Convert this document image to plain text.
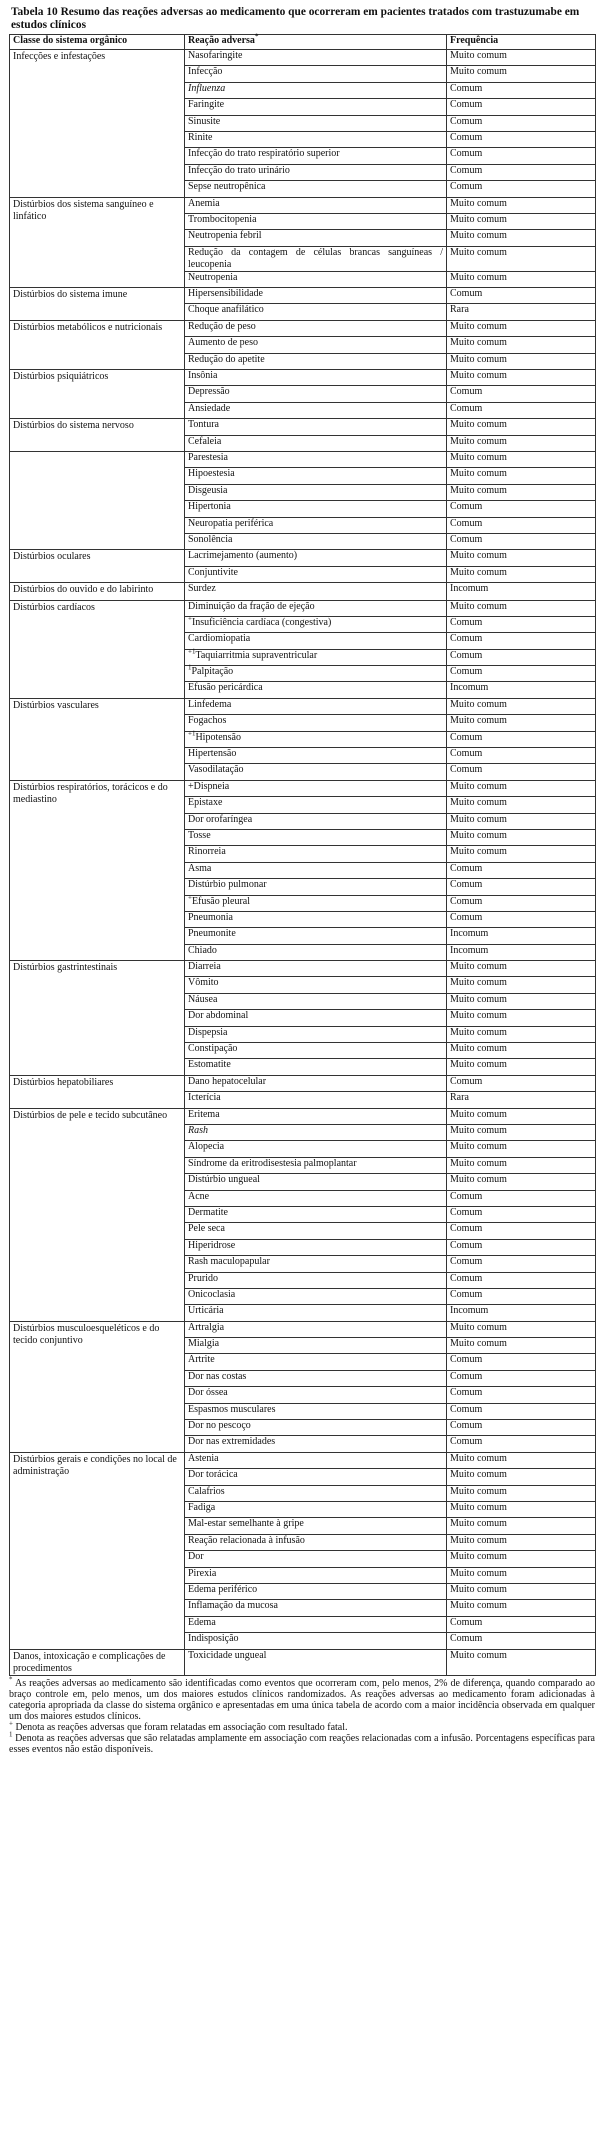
Tabela 10 Resumo das reações adversas ao medicamento que ocorreram em pacientes tratados com trastuzumabe em estudos clínicos
Classe do sistema orgânico	Reação adversa*	Frequência
Infecções e infestações	Nasofaringite	Muito comum
	Infecção	Muito comum
	Influenza	Comum
	Faringite	Comum
	Sinusite	Comum
	Rinite	Comum
	Infecção do trato respiratório superior	Comum
	Infecção do trato urinário	Comum
	Sepse neutropênica	Comum
Distúrbios dos sistema sanguíneo e linfático	Anemia	Muito comum
	Trombocitopenia	Muito comum
	Neutropenia febril	Muito comum
	Redução da contagem de células brancas sanguíneas / leucopenia	Muito comum
	Neutropenia	Muito comum
Distúrbios do sistema imune	Hipersensibilidade	Comum
	Choque anafilático	Rara
Distúrbios metabólicos e nutricionais	Redução de peso	Muito comum
	Aumento de peso	Muito comum
	Redução do apetite	Muito comum
Distúrbios psiquiátricos	Insônia	Muito comum
	Depressão	Comum
	Ansiedade	Comum
Distúrbios do sistema nervoso	Tontura	Muito comum
	Cefaleia	Muito comum
	Parestesia	Muito comum
	Hipoestesia	Muito comum
	Disgeusia	Muito comum
	Hipertonia	Comum
	Neuropatia periférica	Comum
	Sonolência	Comum
Distúrbios oculares	Lacrimejamento (aumento)	Muito comum
	Conjuntivite	Muito comum
Distúrbios do ouvido e do labirinto	Surdez	Incomum
Distúrbios cardíacos	Diminuição da fração de ejeção	Muito comum
	+Insuficiência cardíaca (congestiva)	Comum
	Cardiomiopatia	Comum
	$^{+1}$Taquiarritmia supraventricular	Comum
	$^1$Palpitação	Comum
	Efusão pericárdica	Incomum
Distúrbios vasculares	Linfedema	Muito comum
	Fogachos	Muito comum
	$^{+1}$Hipotensão	Comum
	Hipertensão	Comum
	Vasodilatação	Comum
Distúrbios respiratórios, torácicos e do mediastino	+Dispneia	Muito comum
	Epistaxe	Muito comum
	Dor orofaríngea	Muito comum
	Tosse	Muito comum
	Rinorreia	Muito comum
	Asma	Comum
	Distúrbio pulmonar	Comum
	+Efusão pleural	Comum
	Pneumonia	Comum
	Pneumonite	Incomum
	Chiado	Incomum
Distúrbios gastrintestinais	Diarreia	Muito comum
	Vômito	Muito comum
	Náusea	Muito comum
	Dor abdominal	Muito comum
	Dispepsia	Muito comum
	Constipação	Muito comum
	Estomatite	Muito comum
Distúrbios hepatobiliares	Dano hepatocelular	Comum
	Icterícia	Rara
Distúrbios de pele e tecido subcutâneo	Eritema	Muito comum
	Rash	Muito comum
	Alopecia	Muito comum
	Síndrome da eritrodisestesia palmoplantar	Muito comum
	Distúrbio ungueal	Muito comum
	Acne	Comum
	Dermatite	Comum
	Pele seca	Comum
	Hiperidrose	Comum
	Rash maculopapular	Comum
	Prurido	Comum
	Onicoclasia	Comum
	Urticária	Incomum
Distúrbios musculoesqueléticos e do tecido conjuntivo	Artralgia	Muito comum
	Mialgia	Muito comum
	Artrite	Comum
	Dor nas costas	Comum
	Dor óssea	Comum
	Espasmos musculares	Comum
	Dor no pescoço	Comum
	Dor nas extremidades	Comum
Distúrbios gerais e condições no local de administração	Astenia	Muito comum
	Dor torácica	Muito comum
	Calafrios	Muito comum
	Fadiga	Muito comum
	Mal-estar semelhante à gripe	Muito comum
	Reação relacionada à infusão	Muito comum
	Dor	Muito comum
	Pirexia	Muito comum
	Edema periférico	Muito comum
	Inflamação da mucosa	Muito comum
	Edema	Comum
	Indisposição	Comum
Danos, intoxicação e complicações de procedimentos	Toxicidade ungueal	Muito comum

* As reações adversas ao medicamento são identificadas como eventos que ocorreram com, pelo menos, 2% de diferença, quando comparado ao braço controle em, pelo menos, um dos maiores estudos clínicos randomizados. As reações adversas ao medicamento foram adicionadas à categoria apropriada da classe do sistema orgânico e apresentadas em uma única tabela de acordo com a maior incidência observada em qualquer um dos maiores estudos clínicos.

+ Denota as reações adversas que foram relatadas em associação com resultado fatal.

$^1$ Denota as reações adversas que são relatadas amplamente em associação com reações relacionadas com a infusão. Porcentagens específicas para esses eventos não estão disponíveis.
